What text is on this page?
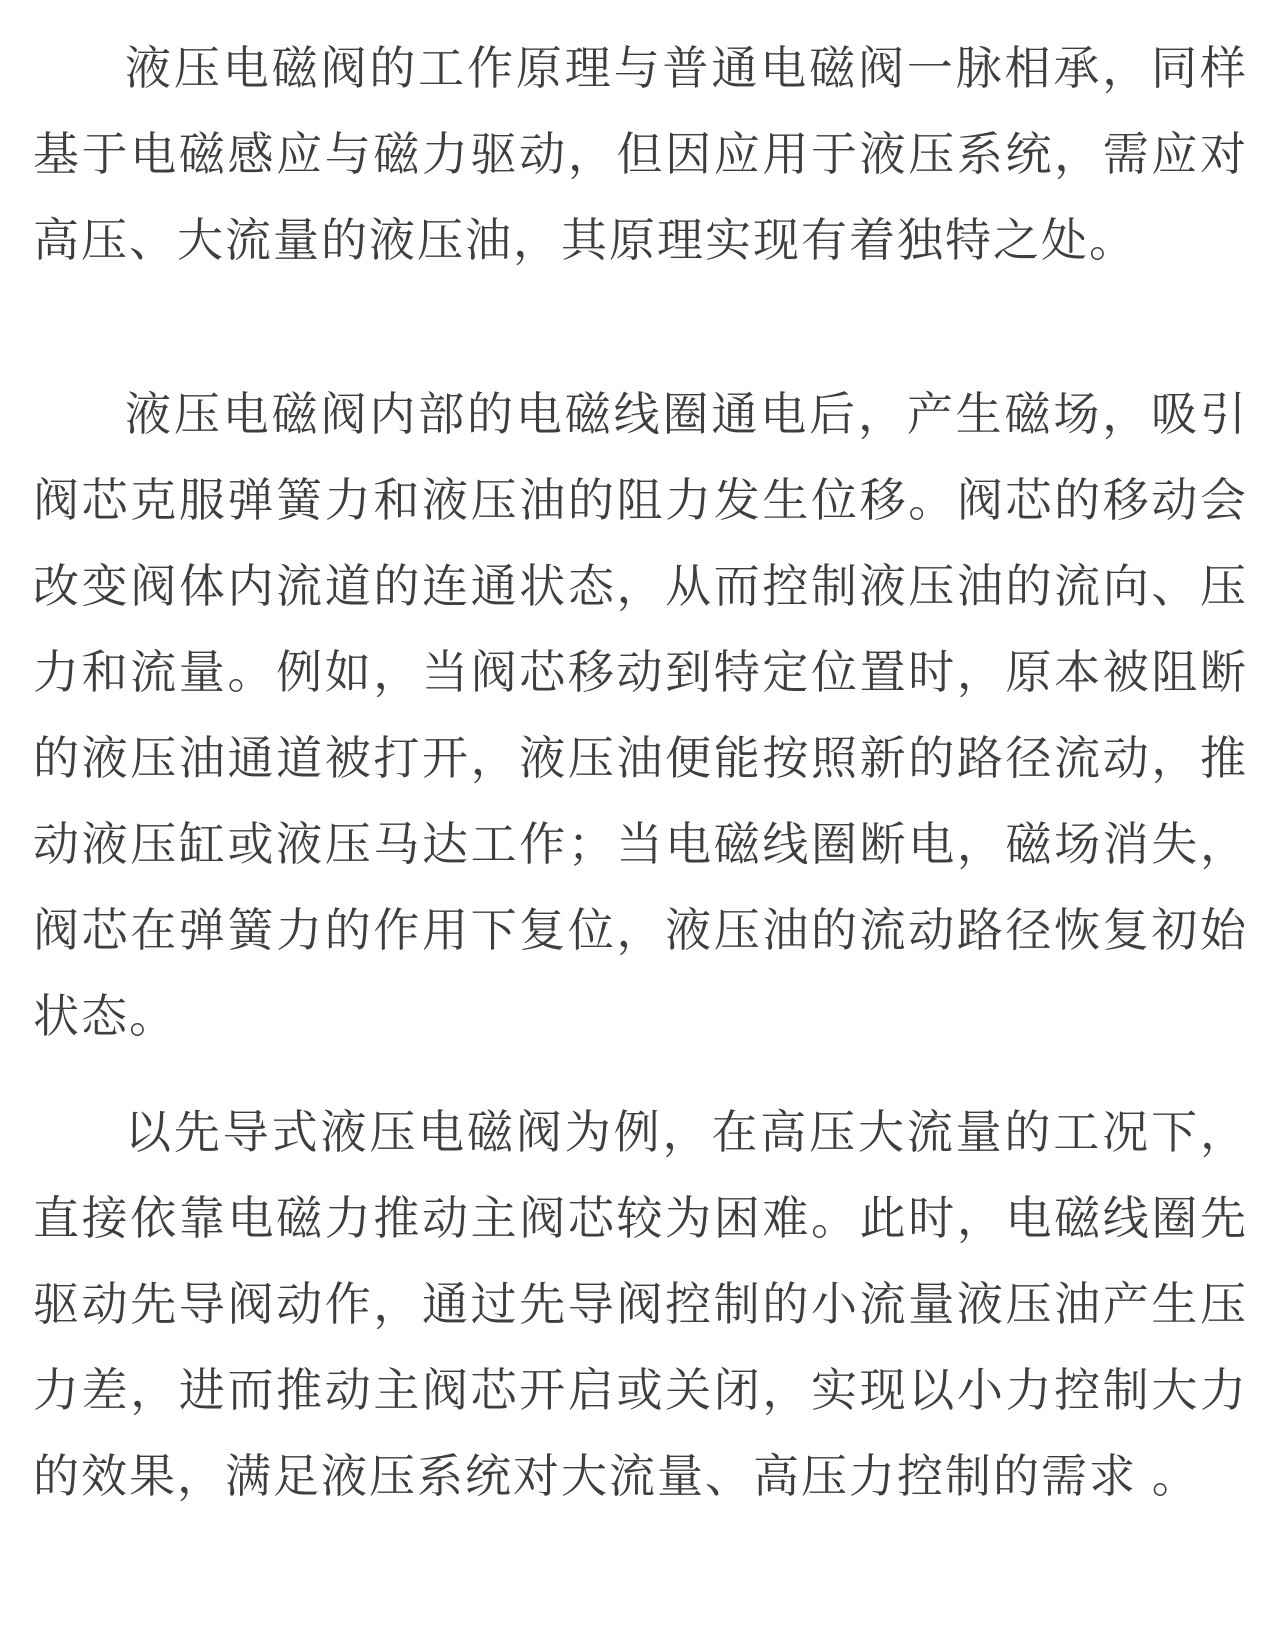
液压电磁阀的工作原理与普通电磁阀一脉相承，同样基于电磁感应与磁力驱动，但因应用于液压系统，需应对高压、大流量的液压油，其原理实现有着独特之处。

液压电磁阀内部的电磁线圈通电后，产生磁场，吸引阀芯克服弹簧力和液压油的阻力发生位移。阀芯的移动会改变阀体内流道的连通状态，从而控制液压油的流向、压力和流量。例如，当阀芯移动到特定位置时，原本被阻断的液压油通道被打开，液压油便能按照新的路径流动，推动液压缸或液压马达工作；当电磁线圈断电，磁场消失，阀芯在弹簧力的作用下复位，液压油的流动路径恢复初始状态。

以先导式液压电磁阀为例，在高压大流量的工况下，直接依靠电磁力推动主阀芯较为困难。此时，电磁线圈先驱动先导阀动作，通过先导阀控制的小流量液压油产生压力差，进而推动主阀芯开启或关闭，实现以小力控制大力的效果，满足液压系统对大流量、高压力控制的需求 。
